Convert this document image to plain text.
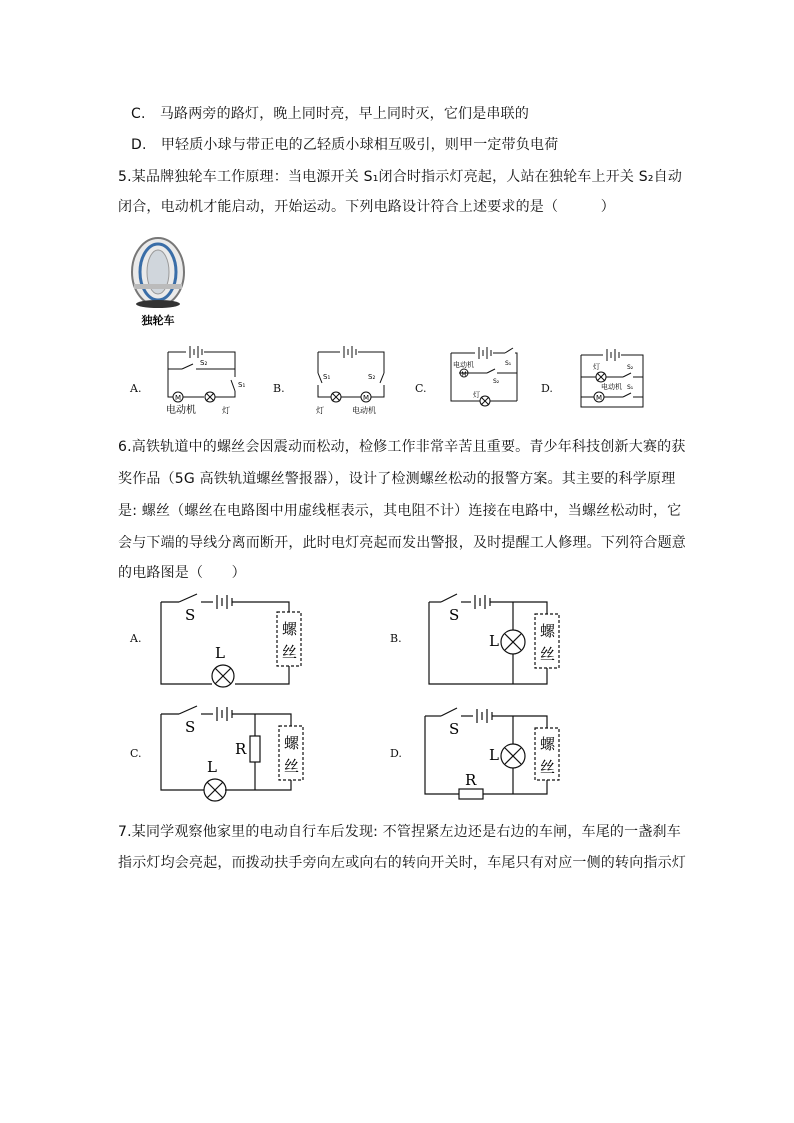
C.　马路两旁的路灯，晚上同时亮，早上同时灭，它们是串联的
D.　甲轻质小球与带正电的乙轻质小球相互吸引，则甲一定带负电荷
5.某品牌独轮车工作原理：当电源开关 S₁闭合时指示灯亮起，人站在独轮车上开关 S₂自动
闭合，电动机才能启动，开始运动。下列电路设计符合上述要求的是（　　　）
独轮车
A.	B.	C.	D.
M
S₂
S₁
电动机	灯
M
S₁	S₂
灯	电动机
M
电动机	S₁
S₂
灯	M
灯	S₂
S₁
电动机
6.高铁轨道中的螺丝会因震动而松动，检修工作非常辛苦且重要。青少年科技创新大赛的获
奖作品（5G 高铁轨道螺丝警报器），设计了检测螺丝松动的报警方案。其主要的科学原理
是: 螺丝（螺丝在电路图中用虚线框表示，其电阻不计）连接在电路中，当螺丝松动时，它
会与下端的导线分离而断开，此时电灯亮起而发出警报，及时提醒工人修理。下列符合题意
的电路图是（　　）
A.	B.
C.	D.
S
L
螺
丝
S
L
螺
丝
S
R
L
螺
丝
S
L
R
螺
丝
7.某同学观察他家里的电动自行车后发现: 不管捏紧左边还是右边的车闸，车尾的一盏刹车
指示灯均会亮起，而拨动扶手旁向左或向右的转向开关时，车尾只有对应一侧的转向指示灯
